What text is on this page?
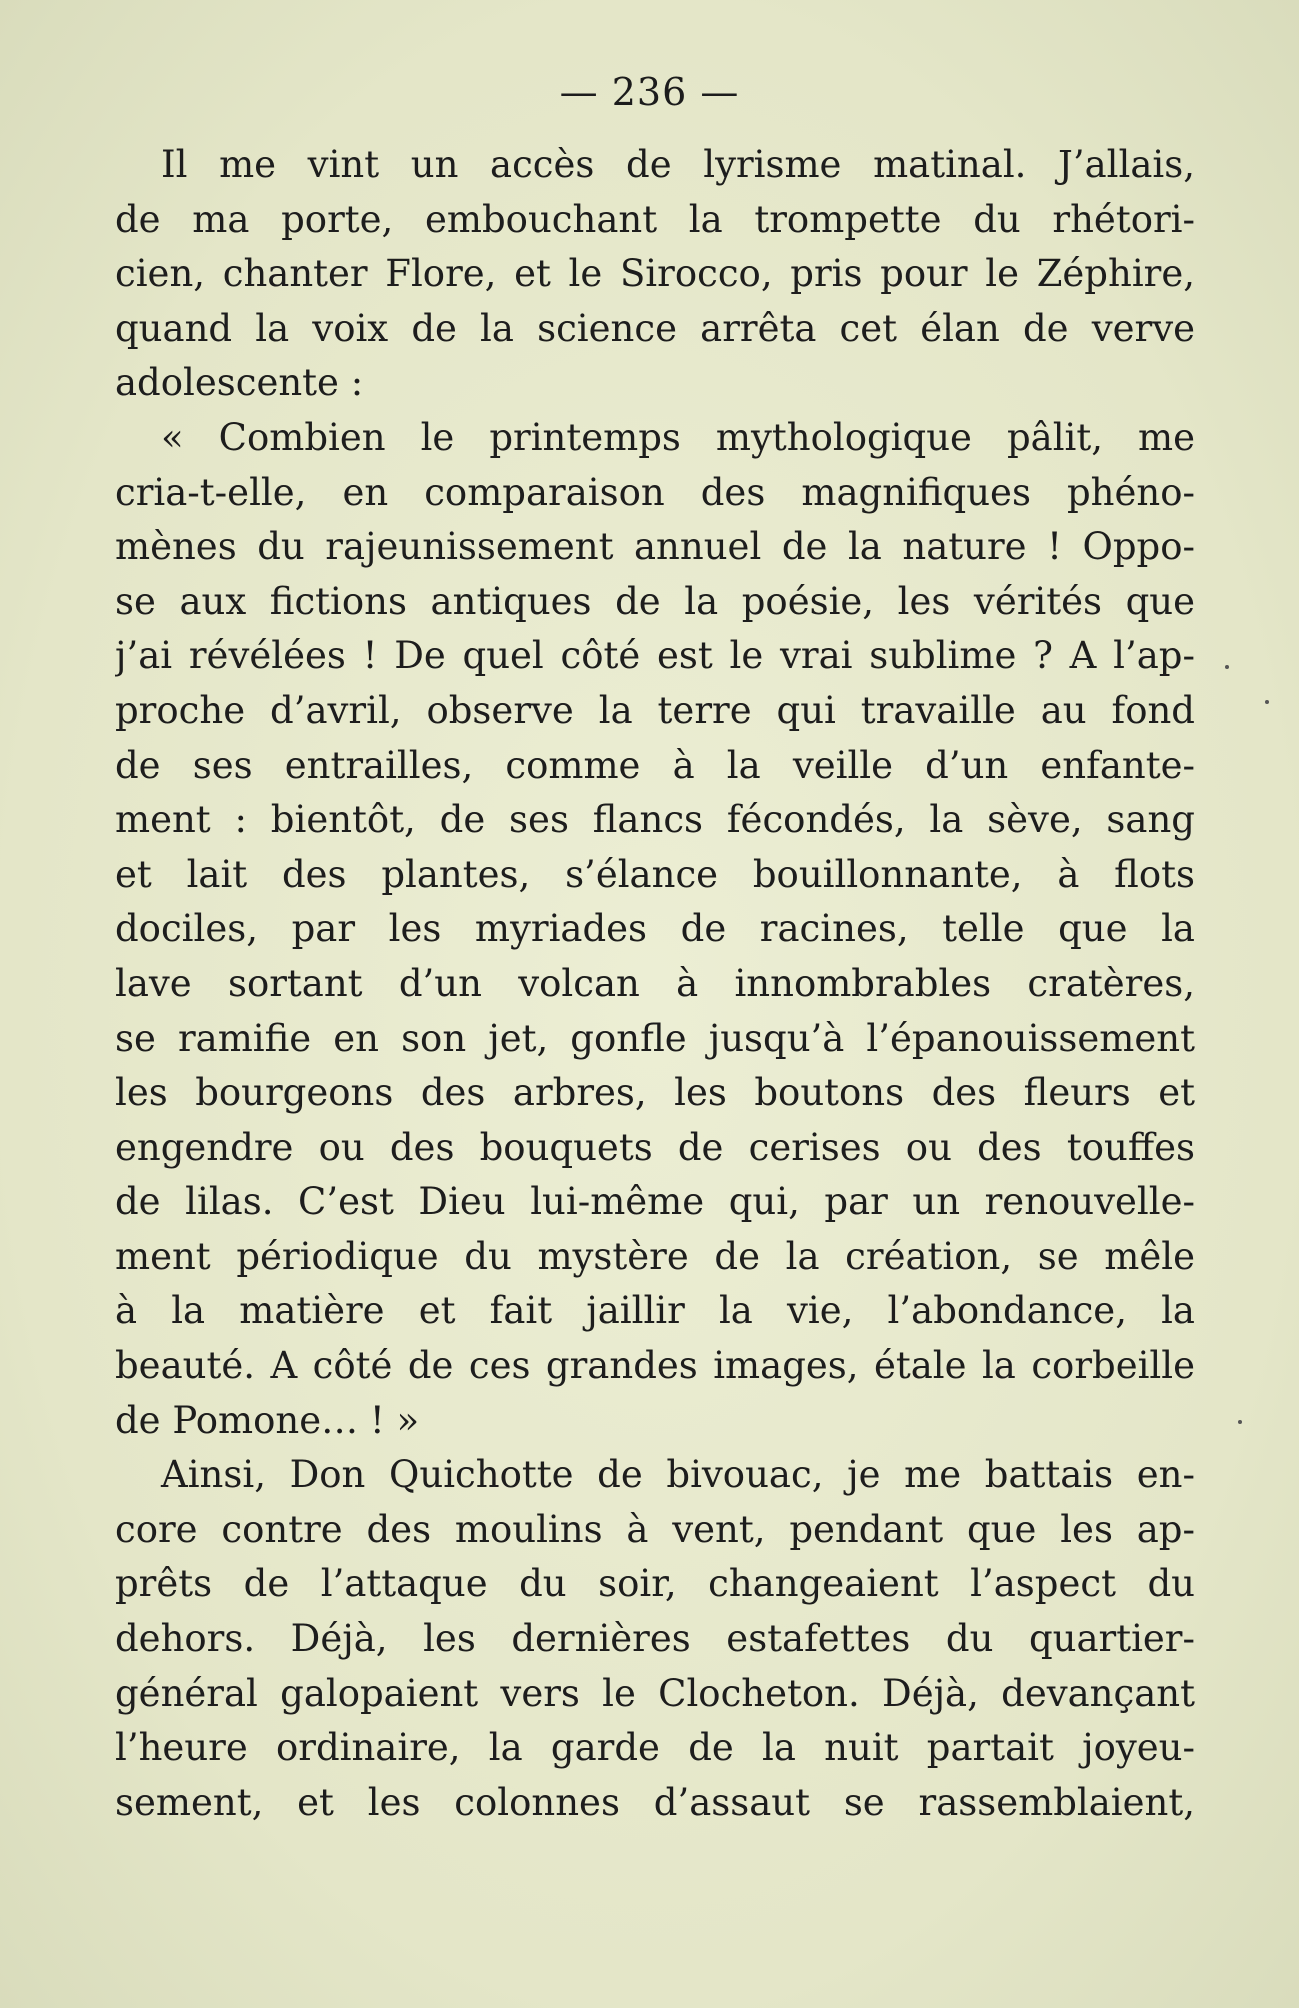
— 236 —
Il me vint un accès de lyrisme matinal. J’allais,
de ma porte, embouchant la trompette du rhétori-
cien, chanter Flore, et le Sirocco, pris pour le Zéphire,
quand la voix de la science arrêta cet élan de verve
adolescente :
« Combien le printemps mythologique pâlit, me
cria-t-elle, en comparaison des magnifiques phéno-
mènes du rajeunissement annuel de la nature ! Oppo-
se aux fictions antiques de la poésie, les vérités que
j’ai révélées ! De quel côté est le vrai sublime ? A l’ap-
proche d’avril, observe la terre qui travaille au fond
de ses entrailles, comme à la veille d’un enfante-
ment : bientôt, de ses flancs fécondés, la sève, sang
et lait des plantes, s’élance bouillonnante, à flots
dociles, par les myriades de racines, telle que la
lave sortant d’un volcan à innombrables cratères,
se ramifie en son jet, gonfle jusqu’à l’épanouissement
les bourgeons des arbres, les boutons des fleurs et
engendre ou des bouquets de cerises ou des touffes
de lilas. C’est Dieu lui-même qui, par un renouvelle-
ment périodique du mystère de la création, se mêle
à la matière et fait jaillir la vie, l’abondance, la
beauté. A côté de ces grandes images, étale la corbeille
de Pomone… ! »
Ainsi, Don Quichotte de bivouac, je me battais en-
core contre des moulins à vent, pendant que les ap-
prêts de l’attaque du soir, changeaient l’aspect du
dehors. Déjà, les dernières estafettes du quartier-
général galopaient vers le Clocheton. Déjà, devançant
l’heure ordinaire, la garde de la nuit partait joyeu-
sement, et les colonnes d’assaut se rassemblaient,
